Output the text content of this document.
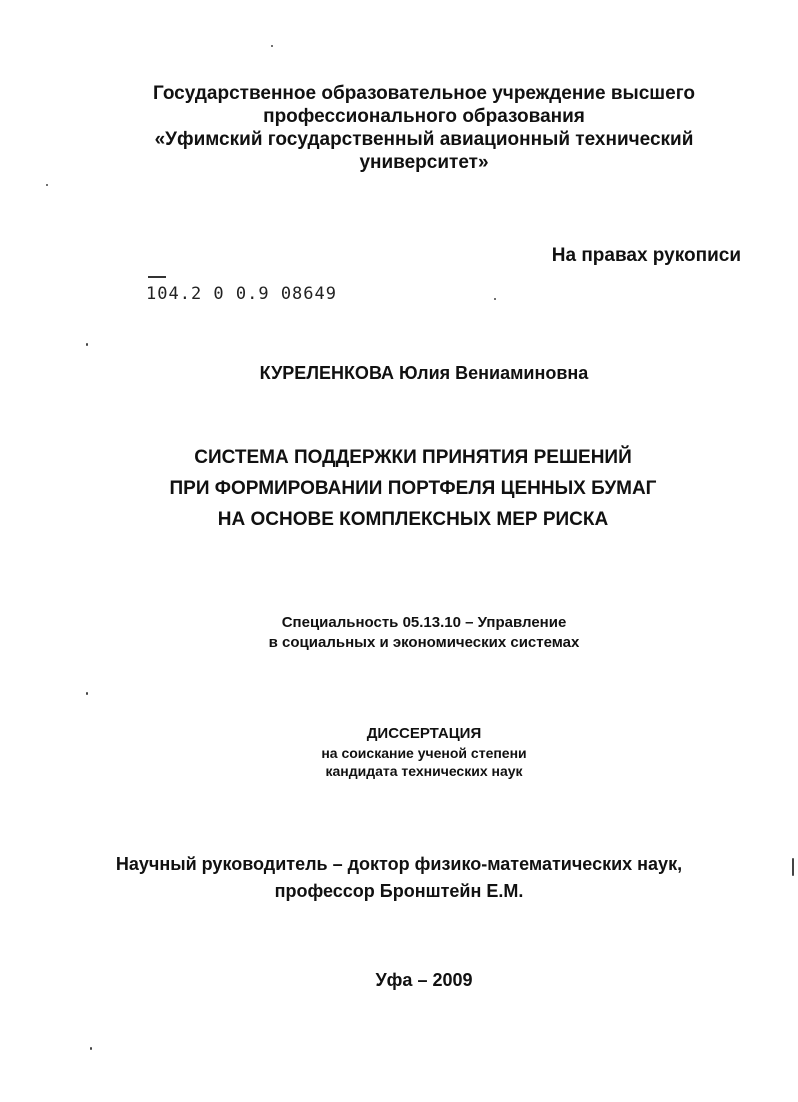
Государственное образовательное учреждение высшего
профессионального образования
«Уфимский государственный авиационный технический
университет»
На правах рукописи
104.2 0 0.9 08649
КУРЕЛЕНКОВА Юлия Вениаминовна
СИСТЕМА ПОДДЕРЖКИ ПРИНЯТИЯ РЕШЕНИЙ
ПРИ ФОРМИРОВАНИИ ПОРТФЕЛЯ ЦЕННЫХ БУМАГ
НА ОСНОВЕ КОМПЛЕКСНЫХ МЕР РИСКА
Специальность 05.13.10 – Управление
в социальных и экономических системах
ДИССЕРТАЦИЯ
на соискание ученой степени
кандидата технических наук
Научный руководитель – доктор физико-математических наук,
профессор Бронштейн Е.М.
Уфа – 2009
